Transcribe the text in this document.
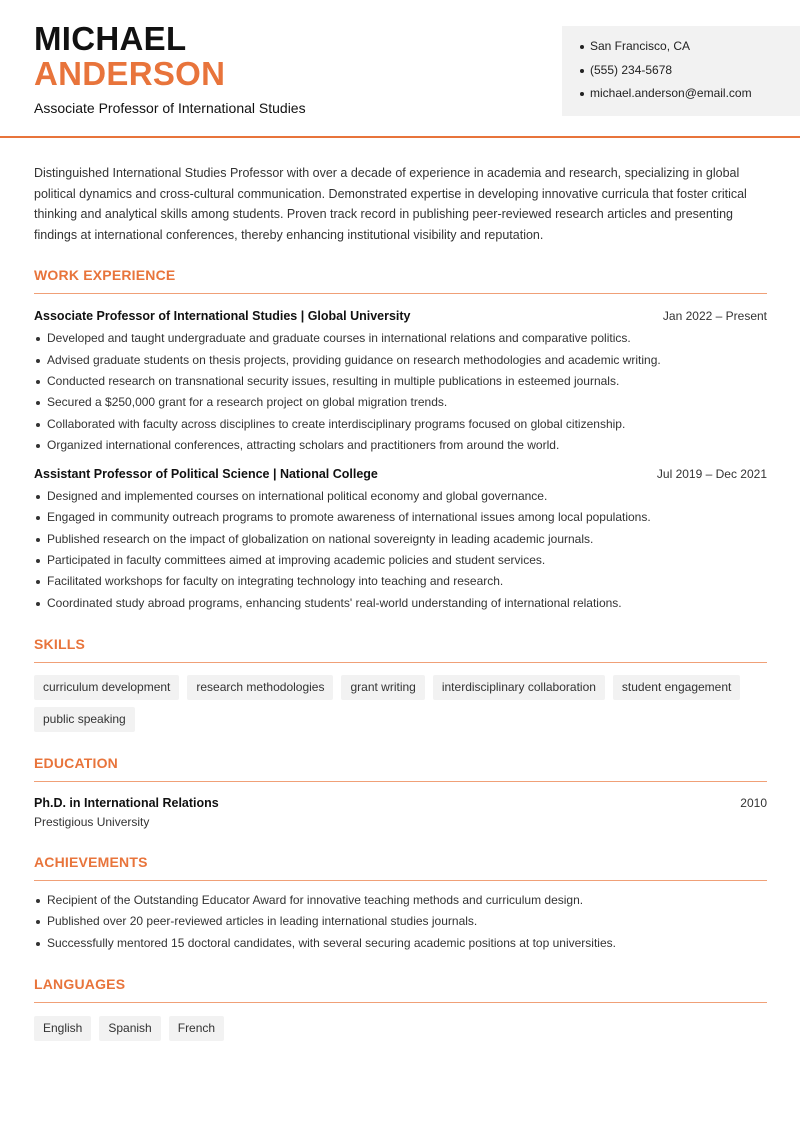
MICHAEL
ANDERSON
Associate Professor of International Studies
San Francisco, CA
(555) 234-5678
michael.anderson@email.com

Distinguished International Studies Professor with over a decade of experience in academia and research, specializing in global political dynamics and cross-cultural communication. Demonstrated expertise in developing innovative curricula that foster critical thinking and analytical skills among students. Proven track record in publishing peer-reviewed research articles and presenting findings at international conferences, thereby enhancing institutional visibility and reputation.

WORK EXPERIENCE
Associate Professor of International Studies | Global University	Jan 2022 – Present
Developed and taught undergraduate and graduate courses in international relations and comparative politics.
Advised graduate students on thesis projects, providing guidance on research methodologies and academic writing.
Conducted research on transnational security issues, resulting in multiple publications in esteemed journals.
Secured a $250,000 grant for a research project on global migration trends.
Collaborated with faculty across disciplines to create interdisciplinary programs focused on global citizenship.
Organized international conferences, attracting scholars and practitioners from around the world.
Assistant Professor of Political Science | National College	Jul 2019 – Dec 2021
Designed and implemented courses on international political economy and global governance.
Engaged in community outreach programs to promote awareness of international issues among local populations.
Published research on the impact of globalization on national sovereignty in leading academic journals.
Participated in faculty committees aimed at improving academic policies and student services.
Facilitated workshops for faculty on integrating technology into teaching and research.
Coordinated study abroad programs, enhancing students' real-world understanding of international relations.
SKILLS
curriculum development	research methodologies	grant writing	interdisciplinary collaboration	student engagement
public speaking
EDUCATION
Ph.D. in International Relations	2010
Prestigious University
ACHIEVEMENTS
Recipient of the Outstanding Educator Award for innovative teaching methods and curriculum design.
Published over 20 peer-reviewed articles in leading international studies journals.
Successfully mentored 15 doctoral candidates, with several securing academic positions at top universities.
LANGUAGES
English	Spanish	French
